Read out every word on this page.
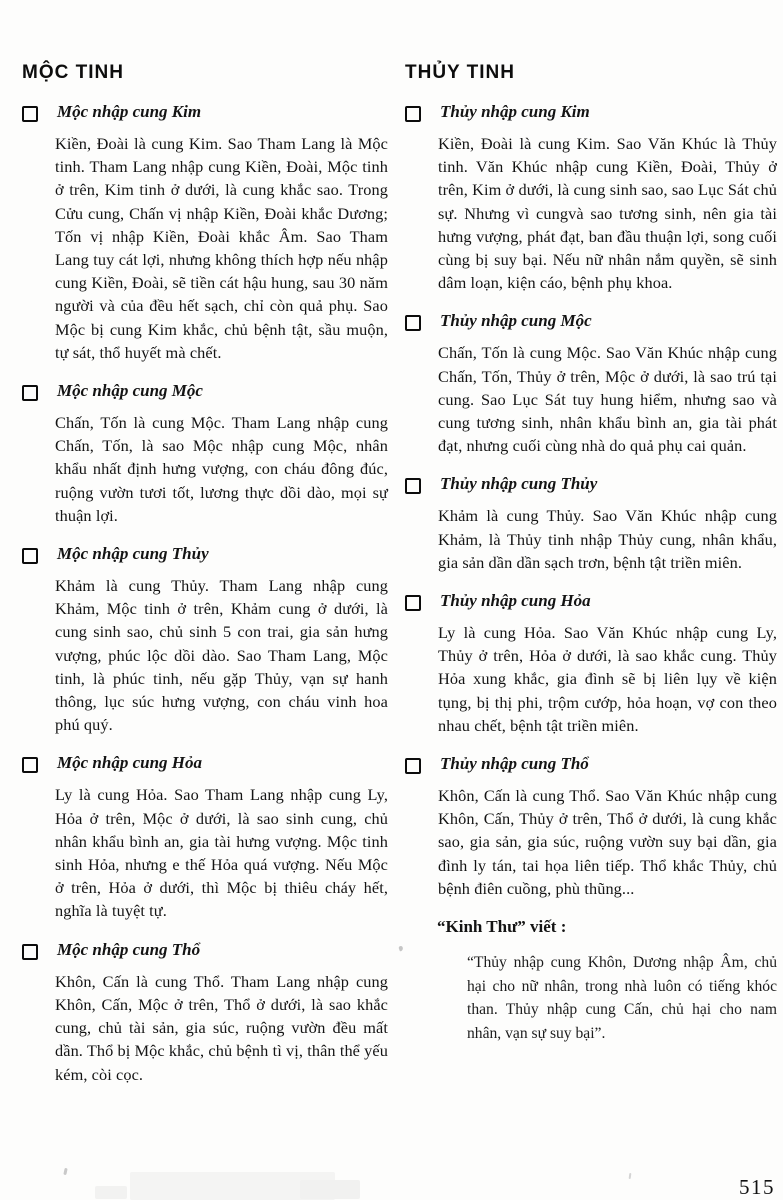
MỘC TINH
Mộc nhập cung Kim

Kiền, Đoài là cung Kim. Sao Tham Lang là Mộc tinh. Tham Lang nhập cung Kiền, Đoài, Mộc tinh ở trên, Kim tinh ở dưới, là cung khắc sao. Trong Cửu cung, Chấn vị nhập Kiền, Đoài khắc Dương; Tốn vị nhập Kiền, Đoài khắc Âm. Sao Tham Lang tuy cát lợi, nhưng không thích hợp nếu nhập cung Kiền, Đoài, sẽ tiền cát hậu hung, sau 30 năm người và của đều hết sạch, chỉ còn quả phụ. Sao Mộc bị cung Kim khắc, chủ bệnh tật, sầu muộn, tự sát, thổ huyết mà chết.

Mộc nhập cung Mộc

Chấn, Tốn là cung Mộc. Tham Lang nhập cung Chấn, Tốn, là sao Mộc nhập cung Mộc, nhân khẩu nhất định hưng vượng, con cháu đông đúc, ruộng vườn tươi tốt, lương thực dồi dào, mọi sự thuận lợi.

Mộc nhập cung Thủy

Khảm là cung Thủy. Tham Lang nhập cung Khảm, Mộc tinh ở trên, Khảm cung ở dưới, là cung sinh sao, chủ sinh 5 con trai, gia sản hưng vượng, phúc lộc dồi dào. Sao Tham Lang, Mộc tinh, là phúc tinh, nếu gặp Thủy, vạn sự hanh thông, lục súc hưng vượng, con cháu vinh hoa phú quý.

Mộc nhập cung Hỏa

Ly là cung Hỏa. Sao Tham Lang nhập cung Ly, Hỏa ở trên, Mộc ở dưới, là sao sinh cung, chủ nhân khẩu bình an, gia tài hưng vượng. Mộc tinh sinh Hỏa, nhưng e thế Hỏa quá vượng. Nếu Mộc ở trên, Hỏa ở dưới, thì Mộc bị thiêu cháy hết, nghĩa là tuyệt tự.

Mộc nhập cung Thổ

Khôn, Cấn là cung Thổ. Tham Lang nhập cung Khôn, Cấn, Mộc ở trên, Thổ ở dưới, là sao khắc cung, chủ tài sản, gia súc, ruộng vườn đều mất dần. Thổ bị Mộc khắc, chủ bệnh tì vị, thân thể yếu kém, còi cọc.

THỦY TINH
Thủy nhập cung Kim

Kiền, Đoài là cung Kim. Sao Văn Khúc là Thủy tinh. Văn Khúc nhập cung Kiền, Đoài, Thủy ở trên, Kim ở dưới, là cung sinh sao, sao Lục Sát chủ sự. Nhưng vì cungvà sao tương sinh, nên gia tài hưng vượng, phát đạt, ban đầu thuận lợi, song cuối cùng bị suy bại. Nếu nữ nhân nắm quyền, sẽ sinh dâm loạn, kiện cáo, bệnh phụ khoa.

Thủy nhập cung Mộc

Chấn, Tốn là cung Mộc. Sao Văn Khúc nhập cung Chấn, Tốn, Thủy ở trên, Mộc ở dưới, là sao trú tại cung. Sao Lục Sát tuy hung hiểm, nhưng sao và cung tương sinh, nhân khẩu bình an, gia tài phát đạt, nhưng cuối cùng nhà do quả phụ cai quản.

Thủy nhập cung Thủy

Khảm là cung Thủy. Sao Văn Khúc nhập cung Khảm, là Thủy tinh nhập Thủy cung, nhân khẩu, gia sản dần dần sạch trơn, bệnh tật triền miên.

Thủy nhập cung Hỏa

Ly là cung Hỏa. Sao Văn Khúc nhập cung Ly, Thủy ở trên, Hỏa ở dưới, là sao khắc cung. Thủy Hỏa xung khắc, gia đình sẽ bị liên lụy về kiện tụng, bị thị phi, trộm cướp, hỏa hoạn, vợ con theo nhau chết, bệnh tật triền miên.

Thủy nhập cung Thổ

Khôn, Cấn là cung Thổ. Sao Văn Khúc nhập cung Khôn, Cấn, Thủy ở trên, Thổ ở dưới, là cung khắc sao, gia sản, gia súc, ruộng vườn suy bại dần, gia đình ly tán, tai họa liên tiếp. Thổ khắc Thủy, chủ bệnh điên cuồng, phù thũng...

“Kinh Thư” viết :

“Thủy nhập cung Khôn, Dương nhập Âm, chủ hại cho nữ nhân, trong nhà luôn có tiếng khóc than. Thủy nhập cung Cấn, chủ hại cho nam nhân, vạn sự suy bại”.

515
